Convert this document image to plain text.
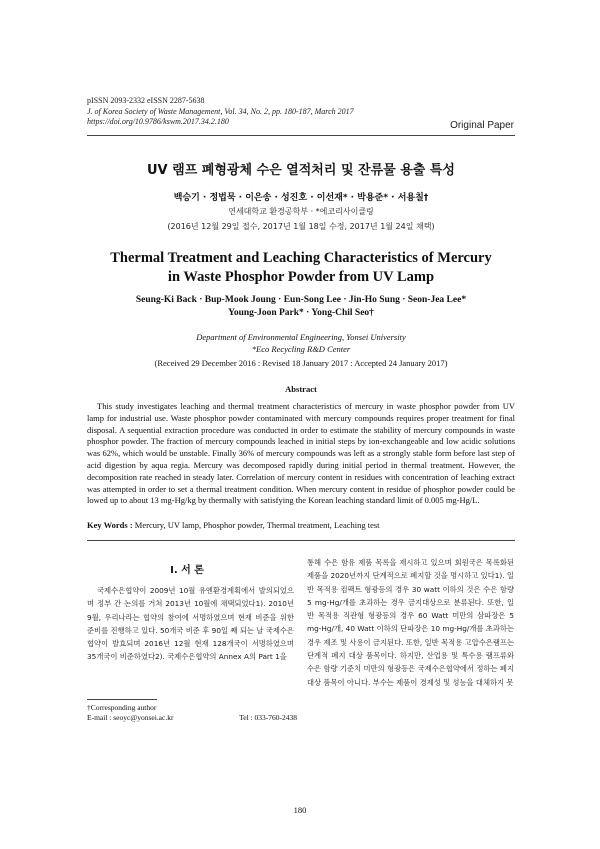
pISSN 2093-2332 eISSN 2287-5638
J. of Korea Society of Waste Management, Vol. 34, No. 2, pp. 180-187, March 2017
https://doi.org/10.9786/kswm.2017.34.2.180	Original Paper
UV 램프 폐형광체 수은 열적처리 및 잔류물 용출 특성
백승기 · 정법묵 · 이은송 · 성진호 · 이선재* · 박용준* · 서용칠†
연세대학교 환경공학부 · *에코리사이클링
(2016년 12월 29일 접수, 2017년 1월 18일 수정, 2017년 1월 24일 채택)
Thermal Treatment and Leaching Characteristics of Mercury
in Waste Phosphor Powder from UV Lamp
Seung-Ki Back · Bup-Mook Joung · Eun-Song Lee · Jin-Ho Sung · Seon-Jea Lee*
Young-Joon Park* · Yong-Chil Seo†
Department of Environmental Engineering, Yonsei University
*Eco Recycling R&D Center
(Received 29 December 2016 : Revised 18 January 2017 : Accepted 24 January 2017)
Abstract

This study investigates leaching and thermal treatment characteristics of mercury in waste phosphor powder from UV lamp for industrial use. Waste phosphor powder contaminated with mercury compounds requires proper treatment for final disposal. A sequential extraction procedure was conducted in order to estimate the stability of mercury compounds in waste phosphor powder. The fraction of mercury compounds leached in initial steps by ion-exchangeable and low acidic solutions was 62%, which would be unstable. Finally 36% of mercury compounds was left as a strongly stable form before last step of acid digestion by aqua regia. Mercury was decomposed rapidly during initial period in thermal treatment. However, the decomposition rate reached in steady later. Correlation of mercury content in residues with concentration of leaching extract was attempted in order to set a thermal treatment condition. When mercury content in residue of phosphor powder could be lowed up to about 13 mg-Hg/kg by thermally with satisfying the Korean leaching standard limit of 0.005 mg-Hg/L.

Key Words : Mercury, UV lamp, Phosphor powder, Thermal treatment, Leaching test
I. 서 론

국제수은협약이 2009년 10월 유엔환경계획에서 발의되었으며 정부 간 논의를 거쳐 2013년 10월에 채택되었다1). 2010년 9월, 우리나라는 협약의 참여에 서명하였으며 현재 비준을 위한 준비를 진행하고 있다. 50개국 비준 후 90일 째 되는 날 국제수은협약이 발효되며 2016년 12월 현재 128개국이 서명하였으며 35개국이 비준하였다2). 국제수은협약의 Annex A의 Part 1을

통해 수은 함유 제품 목록을 제시하고 있으며 회원국은 목록화된 제품을 2020년까지 단계적으로 폐지할 것을 명시하고 있다1). 일반 목적용 컴팩트 형광등의 경우 30 watt 이하의 것은 수은 함량 5 mg-Hg/개를 초과하는 경우 금지대상으로 분류된다. 또한, 일반 목적용 직관형 형광등의 경우 60 Watt 미만의 삼파장은 5 mg-Hg/개, 40 Watt 이하의 단파장은 10 mg-Hg/개를 초과하는 경우 제조 및 사용이 금지된다. 또한, 일반 목적용 고압수은램프는 단계적 폐지 대상 품목이다. 하지만, 산업용 및 특수용 램프류와 수은 함량 기준치 미만의 형광등은 국제수은협약에서 정하는 폐지 대상 품목이 아니다. 부수는 제품이 경제성 및 성능을 대체하지 못

†Corresponding author
E-mail : seoyc@yonsei.ac.kr	Tel : 033-760-2438
180
